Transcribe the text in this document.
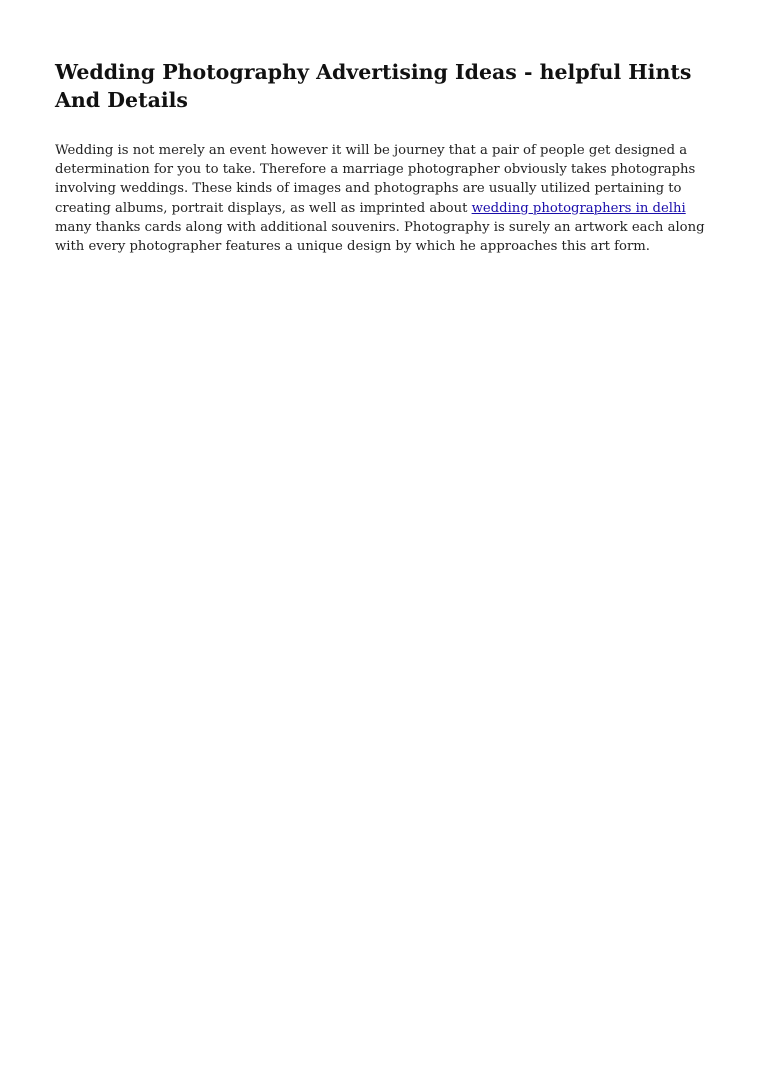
Wedding Photography Advertising Ideas - helpful Hints And Details

Wedding is not merely an event however it will be journey that a pair of people get designed a determination for you to take. Therefore a marriage photographer obviously takes photographs involving weddings. These kinds of images and photographs are usually utilized pertaining to creating albums, portrait displays, as well as imprinted about wedding photographers in delhi many thanks cards along with additional souvenirs. Photography is surely an artwork each along with every photographer features a unique design by which he approaches this art form.
